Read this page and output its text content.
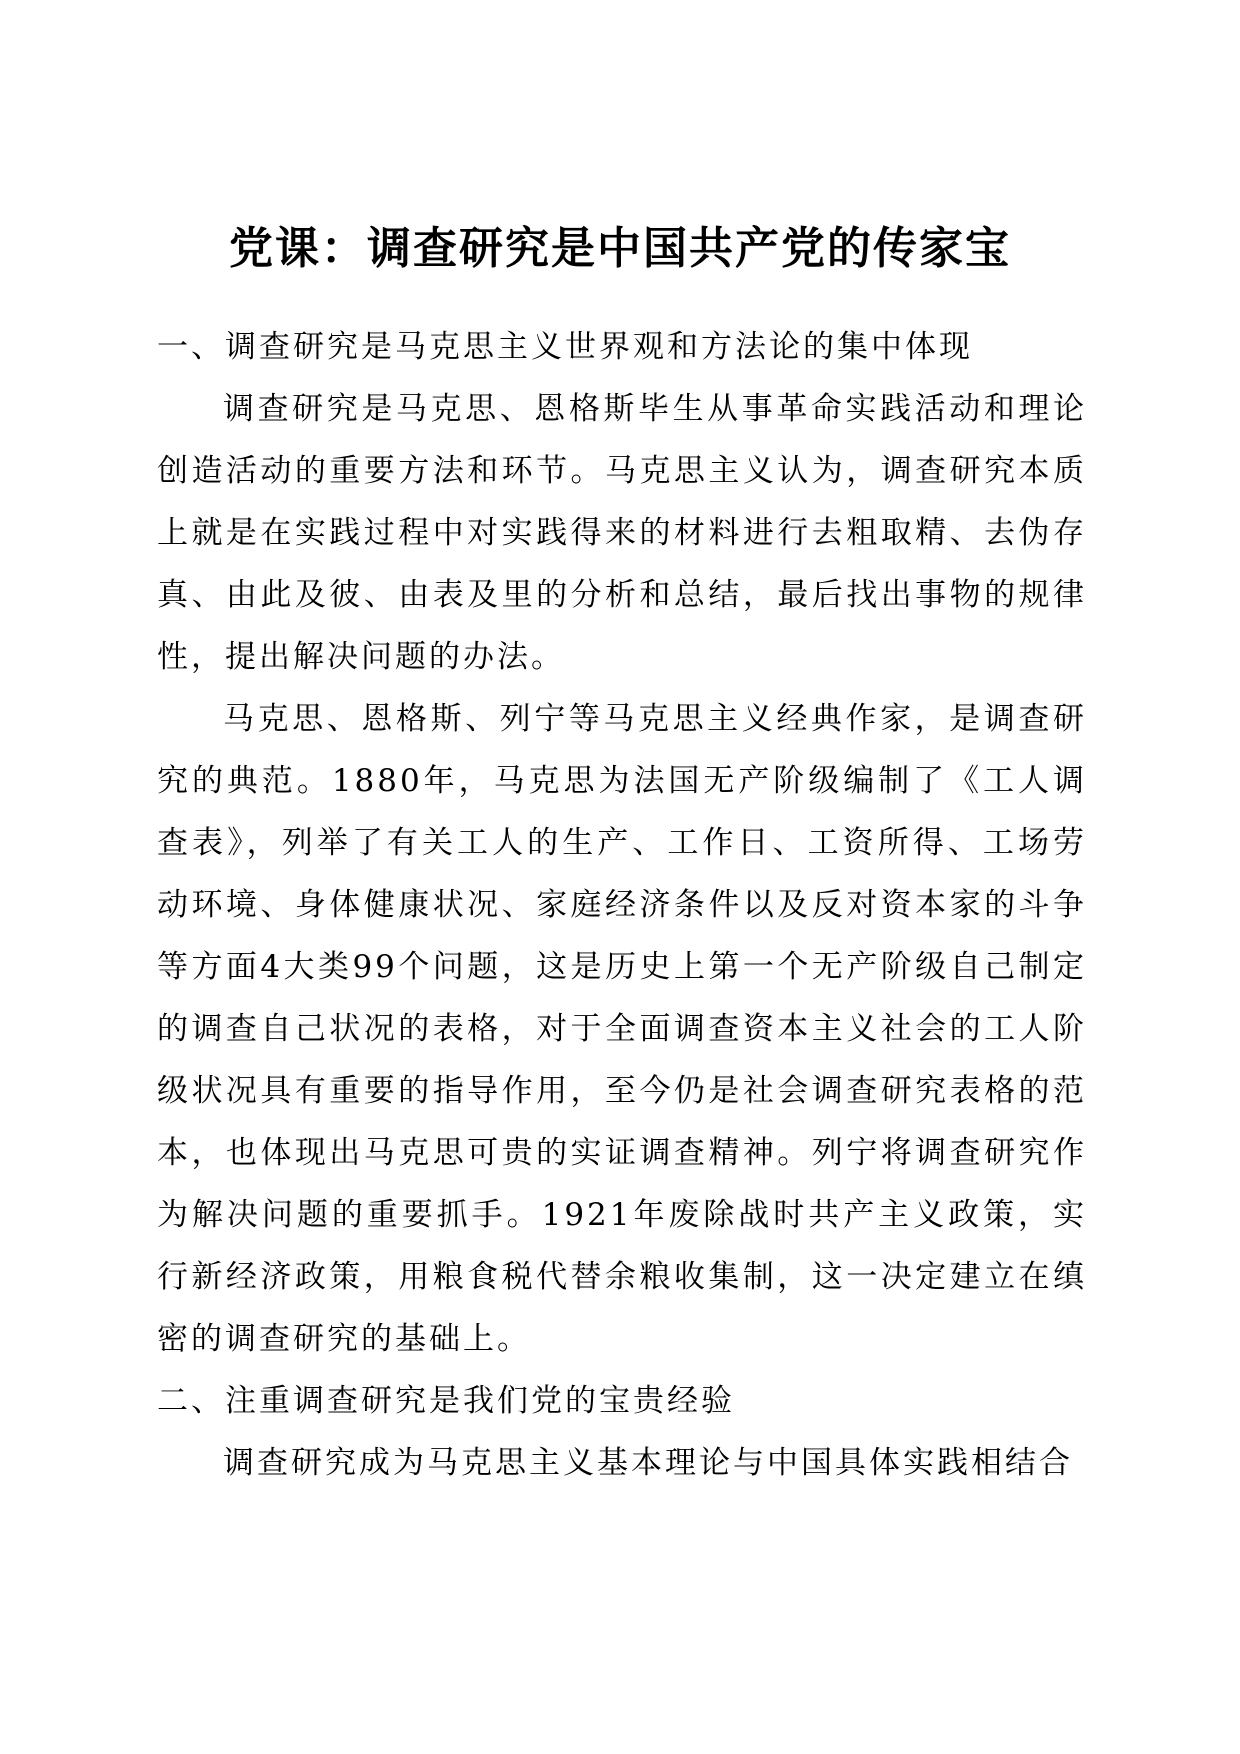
党课：调查研究是中国共产党的传家宝
一、调查研究是马克思主义世界观和方法论的集中体现

调查研究是马克思、恩格斯毕生从事革命实践活动和理论创造活动的重要方法和环节。马克思主义认为，调查研究本质上就是在实践过程中对实践得来的材料进行去粗取精、去伪存真、由此及彼、由表及里的分析和总结，最后找出事物的规律性，提出解决问题的办法。

马克思、恩格斯、列宁等马克思主义经典作家，是调查研究的典范。1880年，马克思为法国无产阶级编制了《工人调查表》，列举了有关工人的生产、工作日、工资所得、工场劳动环境、身体健康状况、家庭经济条件以及反对资本家的斗争等方面4大类99个问题，这是历史上第一个无产阶级自己制定的调查自己状况的表格，对于全面调查资本主义社会的工人阶级状况具有重要的指导作用，至今仍是社会调查研究表格的范本，也体现出马克思可贵的实证调查精神。列宁将调查研究作为解决问题的重要抓手。1921年废除战时共产主义政策，实行新经济政策，用粮食税代替余粮收集制，这一决定建立在缜密的调查研究的基础上。

二、注重调查研究是我们党的宝贵经验

调查研究成为马克思主义基本理论与中国具体实践相结合
